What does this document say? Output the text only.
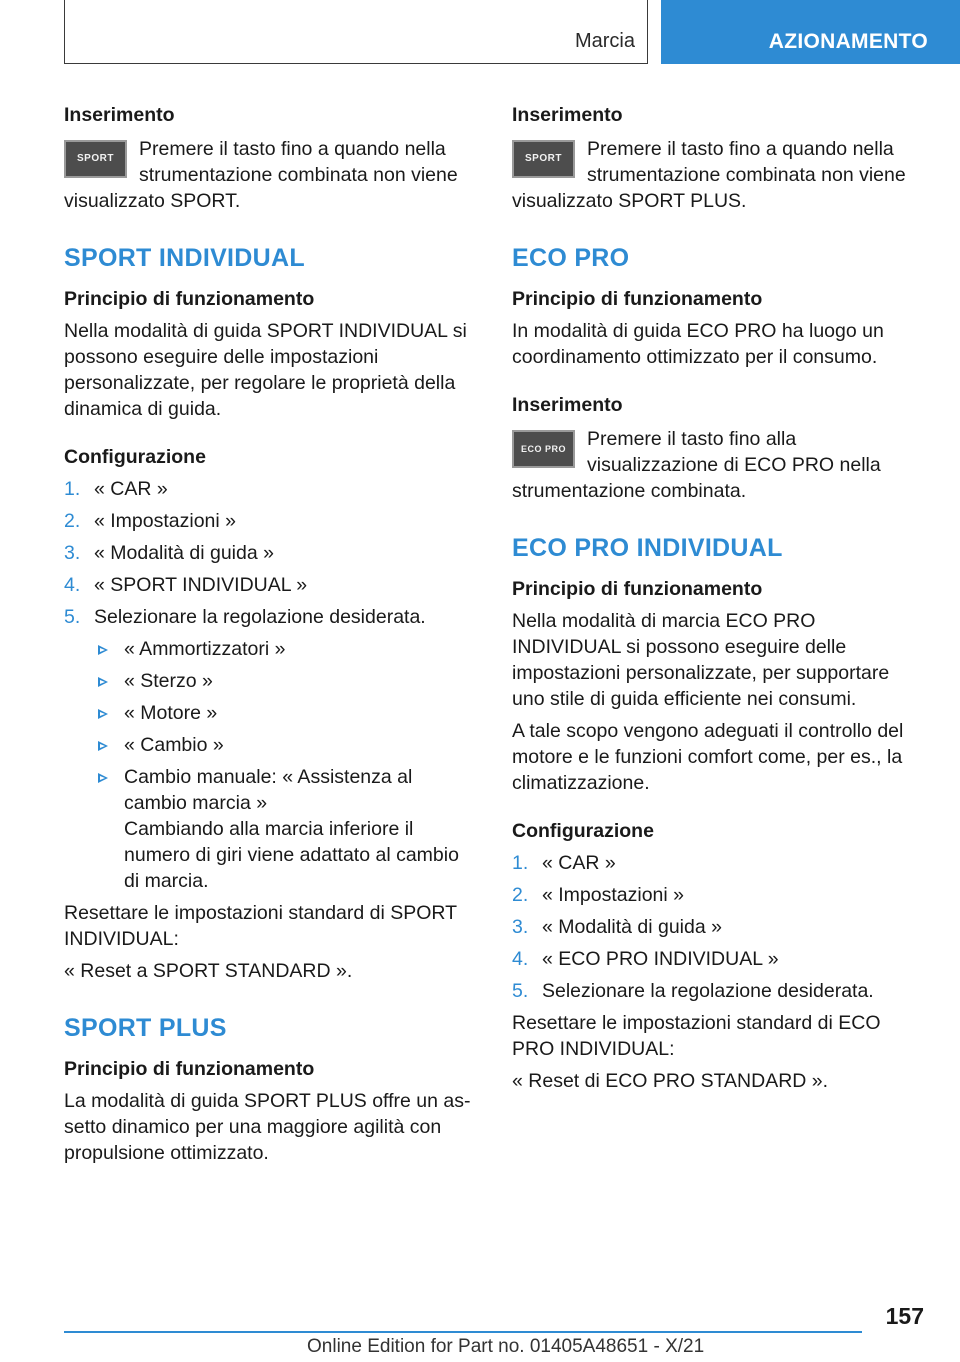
Marcia	AZIONAMENTO
Inserimento

SPORT	Premere il tasto fino a quando nella strumentazione combinata non viene visualizzato SPORT.

SPORT INDIVIDUAL
Principio di funzionamento

Nella modalità di guida SPORT INDIVIDUAL si possono eseguire delle impostazioni personalizzate, per regolare le proprietà della dinamica di guida.

Configurazione
1. « CAR »
2. « Impostazioni »
3. « Modalità di guida »
4. « SPORT INDIVIDUAL »
5. Selezionare la regolazione desiderata.
« Ammortizzatori »
« Sterzo »
« Motore »
« Cambio »
Cambio manuale: « Assistenza al cambio marcia »

Cambiando alla marcia inferiore il numero di giri viene adattato al cambio di marcia.

Resettare le impostazioni standard di SPORT INDIVIDUAL:

« Reset a SPORT STANDARD ».

SPORT PLUS
Principio di funzionamento

La modalità di guida SPORT PLUS offre un assetto dinamico per una maggiore agilità con propulsione ottimizzato.

Inserimento

SPORT	Premere il tasto fino a quando nella strumentazione combinata non viene visualizzato SPORT PLUS.

ECO PRO
Principio di funzionamento

In modalità di guida ECO PRO ha luogo un coordinamento ottimizzato per il consumo.

Inserimento

ECO PRO	Premere il tasto fino alla visualizzazione di ECO PRO nella strumentazione combinata.

ECO PRO INDIVIDUAL
Principio di funzionamento

Nella modalità di marcia ECO PRO INDIVIDUAL si possono eseguire delle impostazioni personalizzate, per supportare uno stile di guida efficiente nei consumi.

A tale scopo vengono adeguati il controllo del motore e le funzioni comfort come, per es., la climatizzazione.

Configurazione
1. « CAR »
2. « Impostazioni »
3. « Modalità di guida »
4. « ECO PRO INDIVIDUAL »
5. Selezionare la regolazione desiderata.

Resettare le impostazioni standard di ECO PRO INDIVIDUAL:

« Reset di ECO PRO STANDARD ».

157
Online Edition for Part no. 01405A48651 - X/21
